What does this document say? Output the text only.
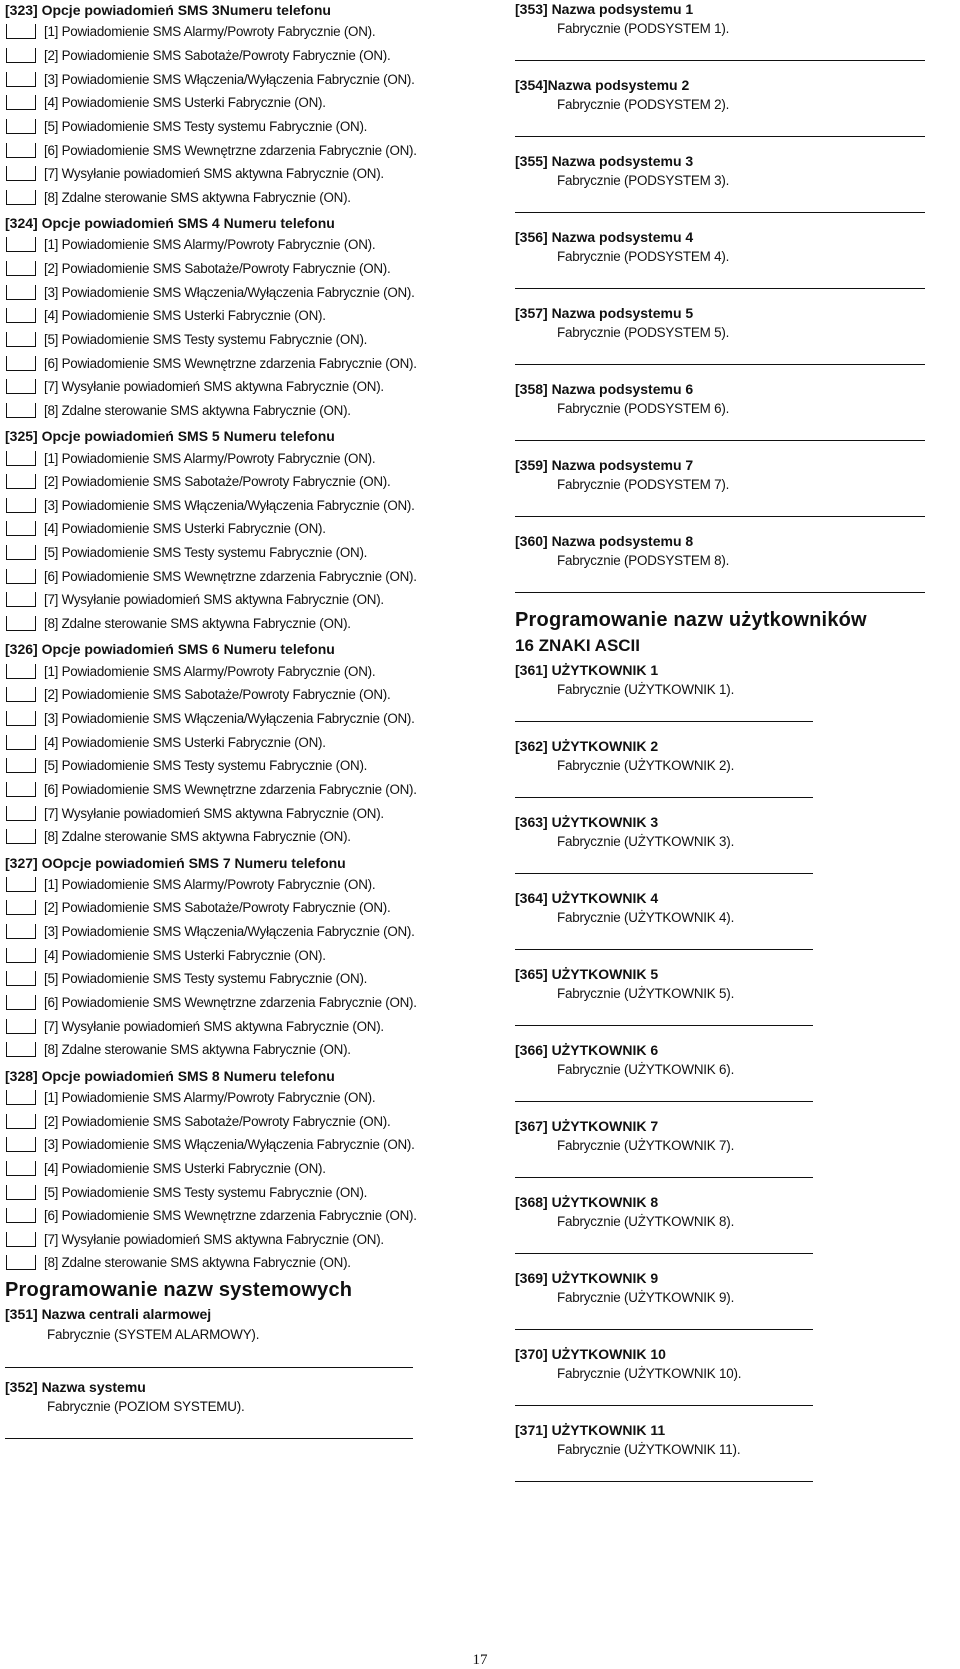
[323] Opcje powiadomień SMS 3Numeru telefonu
[1] Powiadomienie SMS Alarmy/Powroty Fabrycznie (ON).
[2] Powiadomienie SMS Sabotaże/Powroty Fabrycznie (ON).
[3] Powiadomienie SMS Włączenia/Wyłączenia Fabrycznie (ON).
[4] Powiadomienie SMS Usterki Fabrycznie (ON).
[5] Powiadomienie SMS Testy systemu Fabrycznie (ON).
[6] Powiadomienie SMS Wewnętrzne zdarzenia Fabrycznie (ON).
[7] Wysyłanie powiadomień SMS aktywna Fabrycznie (ON).
[8] Zdalne sterowanie SMS aktywna Fabrycznie (ON).
[324] Opcje powiadomień SMS 4 Numeru telefonu
[1] Powiadomienie SMS Alarmy/Powroty Fabrycznie (ON).
[2] Powiadomienie SMS Sabotaże/Powroty Fabrycznie (ON).
[3] Powiadomienie SMS Włączenia/Wyłączenia Fabrycznie (ON).
[4] Powiadomienie SMS Usterki Fabrycznie (ON).
[5] Powiadomienie SMS Testy systemu Fabrycznie (ON).
[6] Powiadomienie SMS Wewnętrzne zdarzenia Fabrycznie (ON).
[7] Wysyłanie powiadomień SMS aktywna Fabrycznie (ON).
[8] Zdalne sterowanie SMS aktywna Fabrycznie (ON).
[325] Opcje powiadomień SMS 5 Numeru telefonu
[1] Powiadomienie SMS Alarmy/Powroty Fabrycznie (ON).
[2] Powiadomienie SMS Sabotaże/Powroty Fabrycznie (ON).
[3] Powiadomienie SMS Włączenia/Wyłączenia Fabrycznie (ON).
[4] Powiadomienie SMS Usterki Fabrycznie (ON).
[5] Powiadomienie SMS Testy systemu Fabrycznie (ON).
[6] Powiadomienie SMS Wewnętrzne zdarzenia Fabrycznie (ON).
[7] Wysyłanie powiadomień SMS aktywna Fabrycznie (ON).
[8] Zdalne sterowanie SMS aktywna Fabrycznie (ON).
[326] Opcje powiadomień SMS 6 Numeru telefonu
[1] Powiadomienie SMS Alarmy/Powroty Fabrycznie (ON).
[2] Powiadomienie SMS Sabotaże/Powroty Fabrycznie (ON).
[3] Powiadomienie SMS Włączenia/Wyłączenia Fabrycznie (ON).
[4] Powiadomienie SMS Usterki Fabrycznie (ON).
[5] Powiadomienie SMS Testy systemu Fabrycznie (ON).
[6] Powiadomienie SMS Wewnętrzne zdarzenia Fabrycznie (ON).
[7] Wysyłanie powiadomień SMS aktywna Fabrycznie (ON).
[8] Zdalne sterowanie SMS aktywna Fabrycznie (ON).
[327] OOpcje powiadomień SMS 7 Numeru telefonu
[1] Powiadomienie SMS Alarmy/Powroty Fabrycznie (ON).
[2] Powiadomienie SMS Sabotaże/Powroty Fabrycznie (ON).
[3] Powiadomienie SMS Włączenia/Wyłączenia Fabrycznie (ON).
[4] Powiadomienie SMS Usterki Fabrycznie (ON).
[5] Powiadomienie SMS Testy systemu Fabrycznie (ON).
[6] Powiadomienie SMS Wewnętrzne zdarzenia Fabrycznie (ON).
[7] Wysyłanie powiadomień SMS aktywna Fabrycznie (ON).
[8] Zdalne sterowanie SMS aktywna Fabrycznie (ON).
[328] Opcje powiadomień SMS 8 Numeru telefonu
[1] Powiadomienie SMS Alarmy/Powroty Fabrycznie (ON).
[2] Powiadomienie SMS Sabotaże/Powroty Fabrycznie (ON).
[3] Powiadomienie SMS Włączenia/Wyłączenia Fabrycznie (ON).
[4] Powiadomienie SMS Usterki Fabrycznie (ON).
[5] Powiadomienie SMS Testy systemu Fabrycznie (ON).
[6] Powiadomienie SMS Wewnętrzne zdarzenia Fabrycznie (ON).
[7] Wysyłanie powiadomień SMS aktywna Fabrycznie (ON).
[8] Zdalne sterowanie SMS aktywna Fabrycznie (ON).
Programowanie nazw systemowych
[351] Nazwa centrali alarmowej
Fabrycznie (SYSTEM ALARMOWY).
[352] Nazwa systemu
Fabrycznie (POZIOM SYSTEMU).
[353] Nazwa podsystemu 1
Fabrycznie (PODSYSTEM 1).
[354]Nazwa podsystemu 2
Fabrycznie (PODSYSTEM 2).
[355] Nazwa podsystemu 3
Fabrycznie (PODSYSTEM 3).
[356] Nazwa podsystemu 4
Fabrycznie (PODSYSTEM 4).
[357] Nazwa podsystemu 5
Fabrycznie (PODSYSTEM 5).
[358] Nazwa podsystemu 6
Fabrycznie (PODSYSTEM 6).
[359] Nazwa podsystemu 7
Fabrycznie (PODSYSTEM 7).
[360] Nazwa podsystemu 8
Fabrycznie (PODSYSTEM 8).
Programowanie nazw użytkowników
16 ZNAKI ASCII
[361] UŻYTKOWNIK 1
Fabrycznie (UŻYTKOWNIK 1).
[362] UŻYTKOWNIK 2
Fabrycznie (UŻYTKOWNIK 2).
[363] UŻYTKOWNIK 3
Fabrycznie (UŻYTKOWNIK 3).
[364] UŻYTKOWNIK 4
Fabrycznie (UŻYTKOWNIK 4).
[365] UŻYTKOWNIK 5
Fabrycznie (UŻYTKOWNIK 5).
[366] UŻYTKOWNIK 6
Fabrycznie (UŻYTKOWNIK 6).
[367] UŻYTKOWNIK 7
Fabrycznie (UŻYTKOWNIK 7).
[368] UŻYTKOWNIK 8
Fabrycznie (UŻYTKOWNIK 8).
[369] UŻYTKOWNIK 9
Fabrycznie (UŻYTKOWNIK 9).
[370] UŻYTKOWNIK 10
Fabrycznie (UŻYTKOWNIK 10).
[371] UŻYTKOWNIK 11
Fabrycznie (UŻYTKOWNIK 11).
17
